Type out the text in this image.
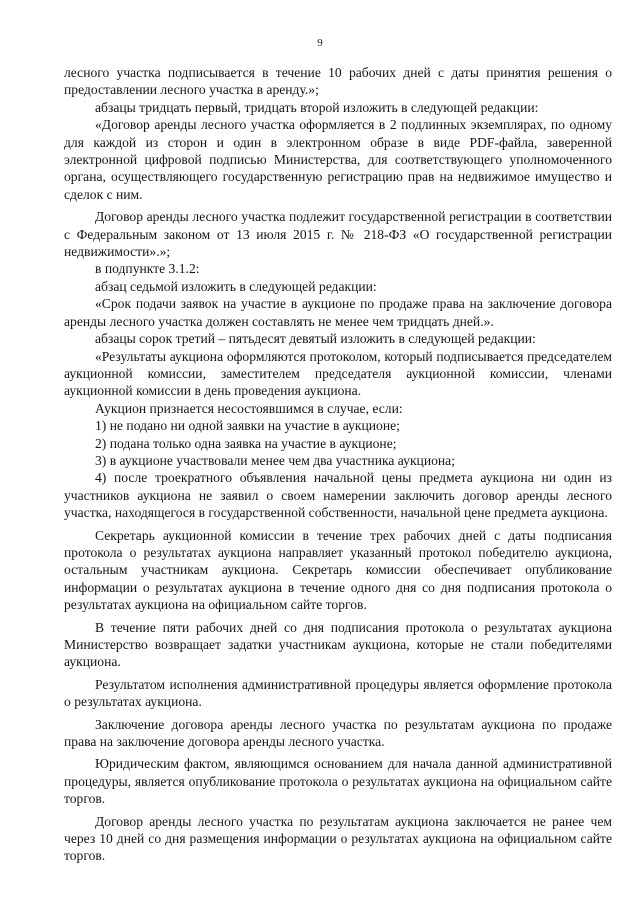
9

лесного участка подписывается в течение 10 рабочих дней с даты принятия решения о предоставлении лесного участка в аренду.»;

абзацы тридцать первый, тридцать второй изложить в следующей редакции:

«Договор аренды лесного участка оформляется в 2 подлинных экземплярах, по одному для каждой из сторон и один в электронном образе в виде PDF-файла, заверенной электронной цифровой подписью Министерства, для соответствующего уполномоченного органа, осуществляющего государственную регистрацию прав на недвижимое имущество и сделок с ним.

Договор аренды лесного участка подлежит государственной регистрации в соответствии с Федеральным законом от 13 июля 2015 г. № 218-ФЗ «О государственной регистрации недвижимости».»;

в подпункте 3.1.2:

абзац седьмой изложить в следующей редакции:

«Срок подачи заявок на участие в аукционе по продаже права на заключение договора аренды лесного участка должен составлять не менее чем тридцать дней.».

абзацы сорок третий – пятьдесят девятый изложить в следующей редакции:

«Результаты аукциона оформляются протоколом, который подписывается председателем аукционной комиссии, заместителем председателя аукционной комиссии, членами аукционной комиссии в день проведения аукциона.

Аукцион признается несостоявшимся в случае, если:

1) не подано ни одной заявки на участие в аукционе;

2) подана только одна заявка на участие в аукционе;

3) в аукционе участвовали менее чем два участника аукциона;

4) после троекратного объявления начальной цены предмета аукциона ни один из участников аукциона не заявил о своем намерении заключить договор аренды лесного участка, находящегося в государственной собственности, начальной цене предмета аукциона.

Секретарь аукционной комиссии в течение трех рабочих дней с даты подписания протокола о результатах аукциона направляет указанный протокол победителю аукциона, остальным участникам аукциона. Секретарь комиссии обеспечивает опубликование информации о результатах аукциона в течение одного дня со дня подписания протокола о результатах аукциона на официальном сайте торгов.

В течение пяти рабочих дней со дня подписания протокола о результатах аукциона Министерство возвращает задатки участникам аукциона, которые не стали победителями аукциона.

Результатом исполнения административной процедуры является оформление протокола о результатах аукциона.

Заключение договора аренды лесного участка по результатам аукциона по продаже права на заключение договора аренды лесного участка.

Юридическим фактом, являющимся основанием для начала данной административной процедуры, является опубликование протокола о результатах аукциона на официальном сайте торгов.

Договор аренды лесного участка по результатам аукциона заключается не ранее чем через 10 дней со дня размещения информации о результатах аукциона на официальном сайте торгов.
